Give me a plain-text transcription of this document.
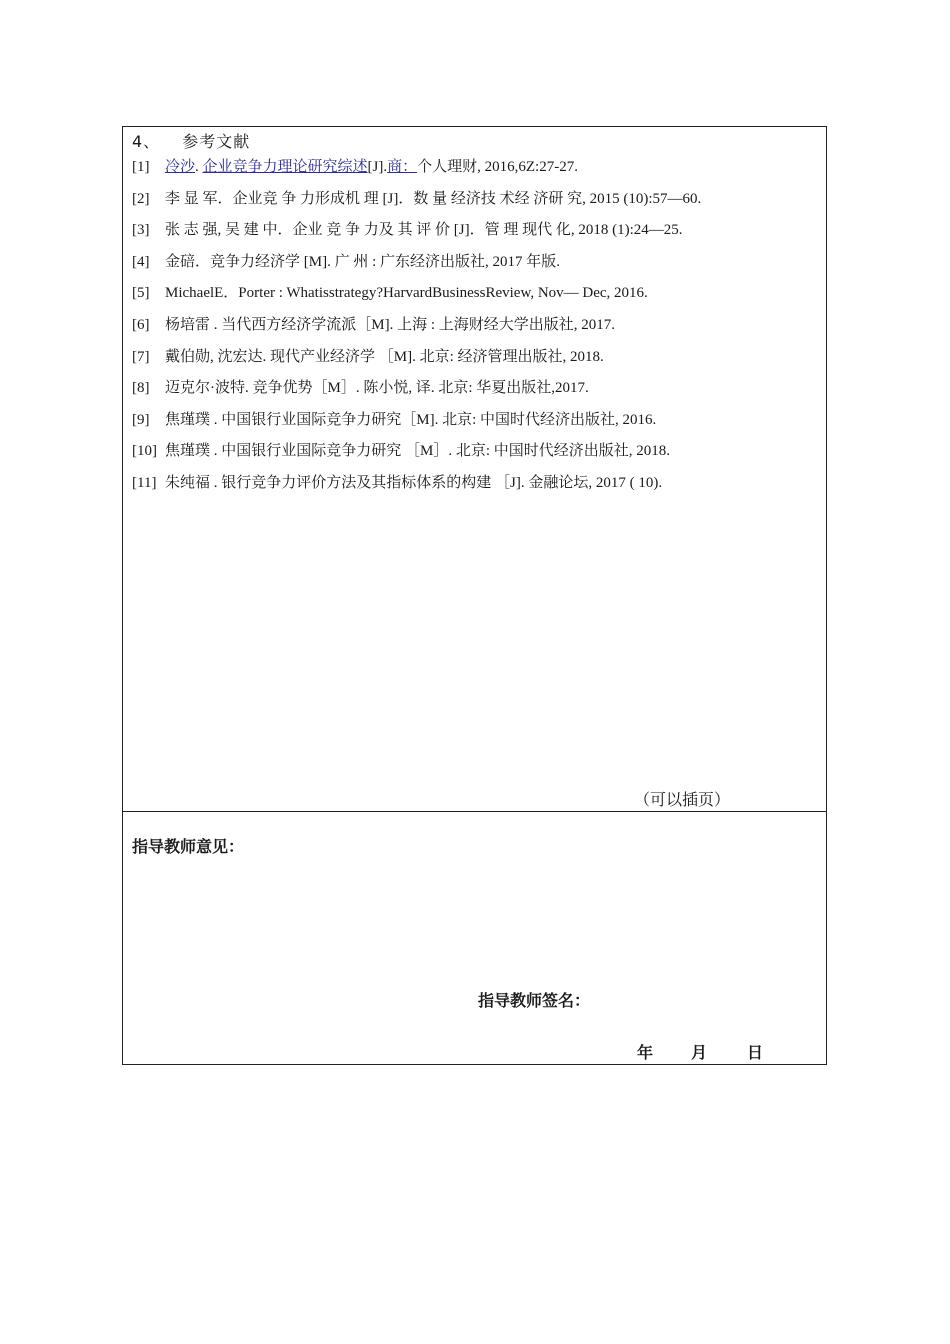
4、 参考文献
[1] 冷沙. 企业竞争力理论研究综述[J].商：个人理财, 2016,6Z:27-27.
[2] 李 显 军．企业竞 争 力形成机 理 [J]．数 量 经济技 术经 济研 究, 2015 (10):57—60.
[3] 张 志 强, 吴 建 中．企业 竞 争 力及 其 评 价 [J]．管 理 现代 化, 2018 (1):24—25.
[4] 金碚．竞争力经济学 [M]. 广 州 : 广东经济出版社, 2017 年版.
[5] MichaelE．Porter : Whatisstrategy?HarvardBusinessReview, Nov— Dec, 2016.
[6] 杨培雷 . 当代西方经济学流派［M]. 上海 : 上海财经大学出版社, 2017.
[7] 戴伯勋, 沈宏达. 现代产业经济学 ［M]. 北京: 经济管理出版社, 2018.
[8] 迈克尔·波特. 竞争优势［M］. 陈小悦, 译. 北京: 华夏出版社,2017.
[9] 焦瑾璞 . 中国银行业国际竞争力研究［M]. 北京: 中国时代经济出版社, 2016.
[10] 焦瑾璞 . 中国银行业国际竞争力研究 ［M］. 北京: 中国时代经济出版社, 2018.
[11] 朱纯福 . 银行竞争力评价方法及其指标体系的构建 ［J]. 金融论坛, 2017 ( 10).
（可以插页）
指导教师意见：
指导教师签名：
年 月	日
